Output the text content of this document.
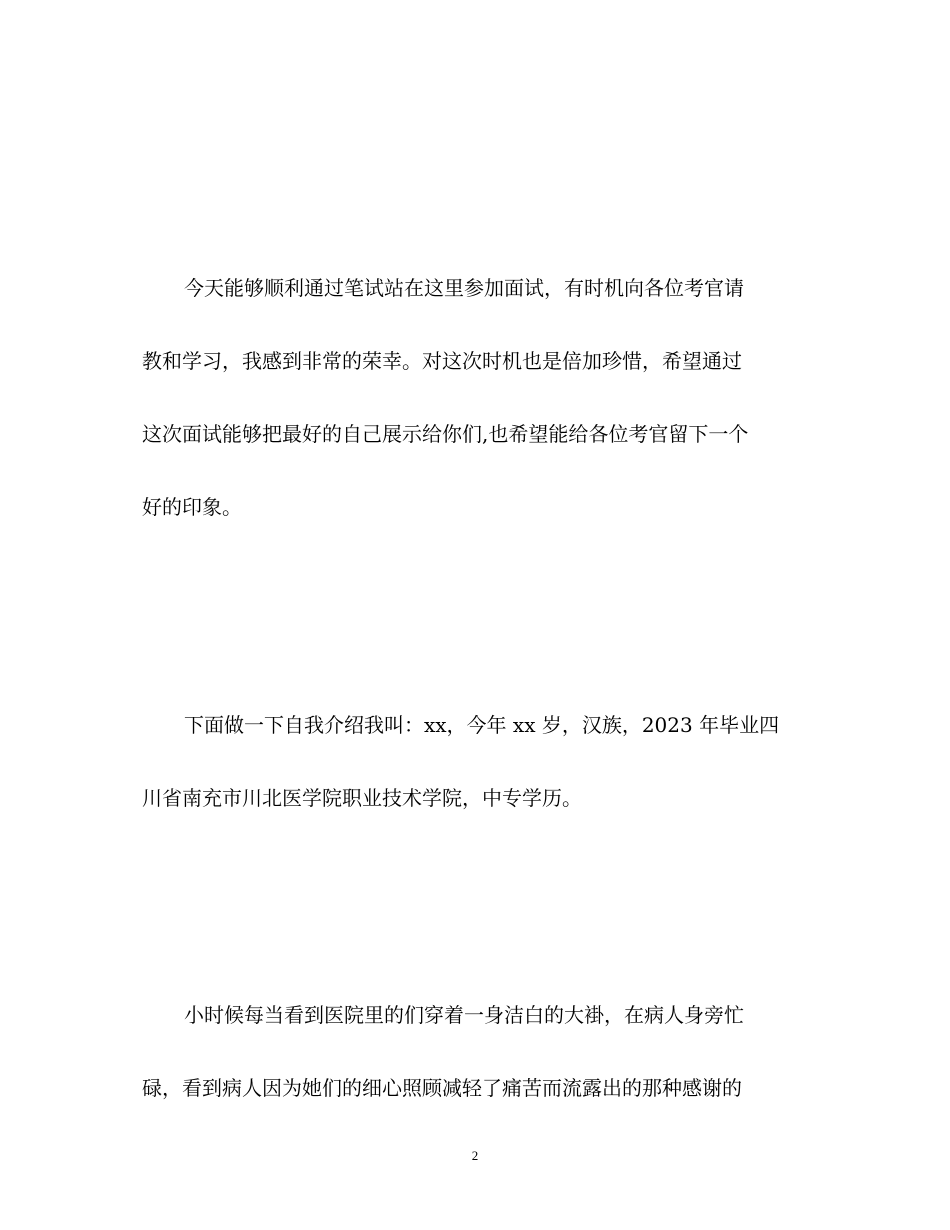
今天能够顺利通过笔试站在这里参加面试，有时机向各位考官请
教和学习，我感到非常的荣幸。对这次时机也是倍加珍惜，希望通过
这次面试能够把最好的自己展示给你们,也希望能给各位考官留下一个
好的印象。
下面做一下自我介绍我叫：xx，今年 xx 岁，汉族，2023 年毕业四
川省南充市川北医学院职业技术学院，中专学历。
小时候每当看到医院里的们穿着一身洁白的大褂，在病人身旁忙
碌，看到病人因为她们的细心照顾减轻了痛苦而流露出的那种感谢的
2
